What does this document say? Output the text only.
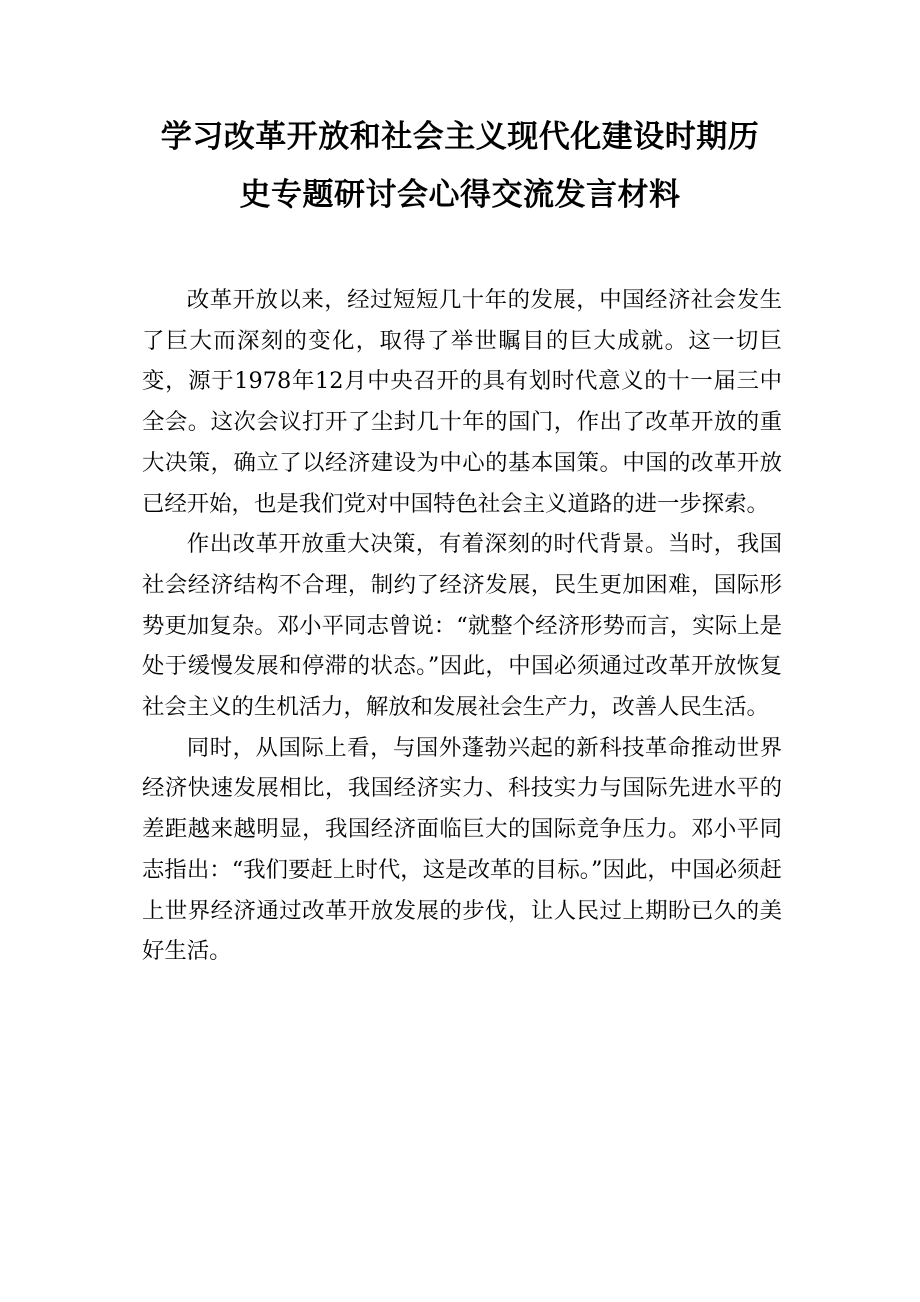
学习改革开放和社会主义现代化建设时期历
史专题研讨会心得交流发言材料

改革开放以来，经过短短几十年的发展，中国经济社会发生了巨大而深刻的变化，取得了举世瞩目的巨大成就。这一切巨变，源于1978年12月中央召开的具有划时代意义的十一届三中全会。这次会议打开了尘封几十年的国门，作出了改革开放的重大决策，确立了以经济建设为中心的基本国策。中国的改革开放已经开始，也是我们党对中国特色社会主义道路的进一步探索。

作出改革开放重大决策，有着深刻的时代背景。当时，我国社会经济结构不合理，制约了经济发展，民生更加困难，国际形势更加复杂。邓小平同志曾说：“就整个经济形势而言，实际上是处于缓慢发展和停滞的状态。”因此，中国必须通过改革开放恢复社会主义的生机活力，解放和发展社会生产力，改善人民生活。

同时，从国际上看，与国外蓬勃兴起的新科技革命推动世界经济快速发展相比，我国经济实力、科技实力与国际先进水平的差距越来越明显，我国经济面临巨大的国际竞争压力。邓小平同志指出：“我们要赶上时代，这是改革的目标。”因此，中国必须赶上世界经济通过改革开放发展的步伐，让人民过上期盼已久的美好生活。
